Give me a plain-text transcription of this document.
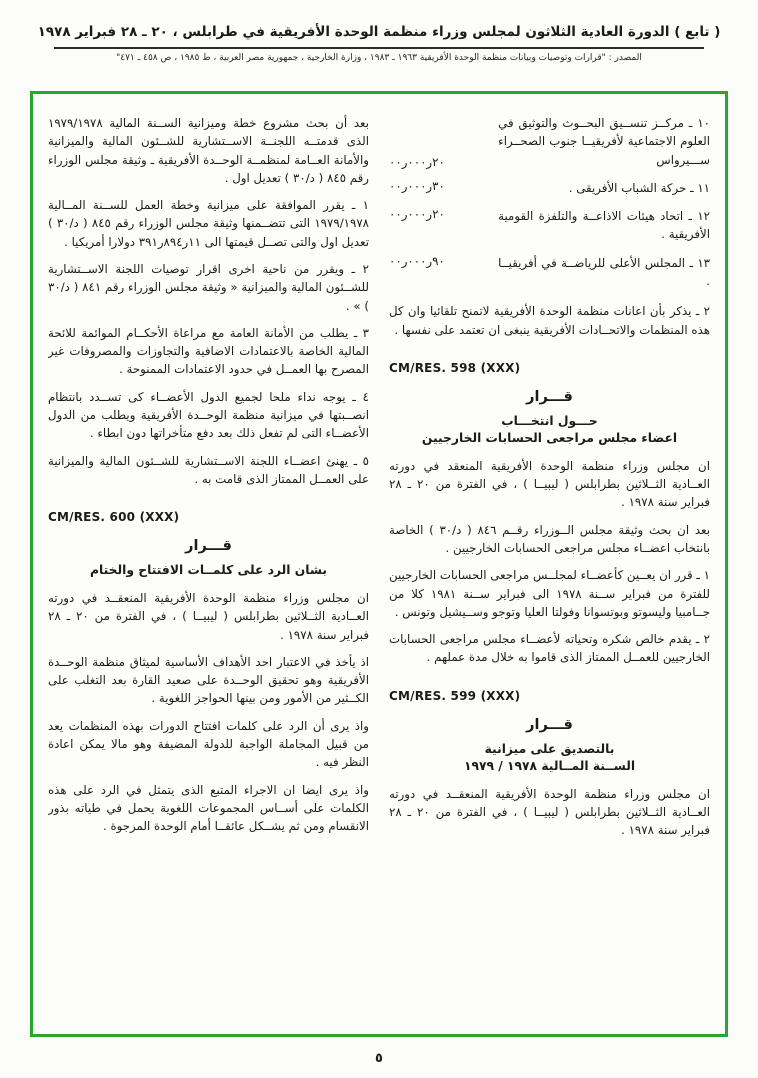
( تابع ) الدورة العادية الثلاثون لمجلس وزراء منظمة الوحدة الأفريقية في طرابلس ، ٢٠ ـ ٢٨ فبراير ١٩٧٨
المصدر : "قرارات وتوصيات وبيانات منظمة الوحدة الأفريقية ١٩٦٣ ـ ١٩٨٣ ، وزارة الخارجية ، جمهورية مصر العربية ، ط ١٩٨٥ ، ص ٤٥٨ ـ ٤٧١"
١٠ ـ مركــز تنســيق البحــوث والتوثيق في العلوم الاجتماعية لأفريقيــا جنوب الصحــراء ســـيرواس
٢٠ر٠٠٠ر٠٠
١١ ـ حركة الشباب الأفريقى .
٣٠ر٠٠٠ر٠٠
١٢ ـ اتحاد هيئات الاذاعــة والتلفزة القومية الأفريقية .
٢٠ر٠٠٠ر٠٠
١٣ ـ المجلس الأعلى للرياضــة في أفريقيــا .
٩٠ر٠٠٠ر٠٠

٢ ـ يذكر بأن اعانات منظمة الوحدة الأفريقية لاتمنح تلقائيا وان كل هذه المنظمات والاتحــادات الأفريقية ينبغى ان تعتمد على نفسها .

CM/RES. 598 (XXX)
قـــرار
حـــول انتخـــاب
اعضاء مجلس مراجعى الحسابات الخارجيين

ان مجلس وزراء منظمة الوحدة الأفريقية المنعقد في دورته العــادية الثــلاثين بطرابلس ( ليبيــا ) ، في الفترة من ٢٠ ـ ٢٨ فبراير سنة ١٩٧٨ .

بعد ان بحث وثيقة مجلس الــوزراء رقــم ٨٤٦ ( د/٣٠ ) الخاصة بانتخاب اعضــاء مجلس مراجعى الحسابات الخارجيين .

١ ـ قرر ان يعــين كأعضــاء لمجلــس مراجعى الحسابات الخارجيين للفترة من فبراير ســنة ١٩٧٨ الى فبراير ســنة ١٩٨١ كلا من جــامبيا وليسوتو وبوتسوانا وفولتا العليا وتوجو وســيشيل وتونس .

٢ ـ يقدم خالص شكره وتحياته لأعضــاء مجلس مراجعى الحسابات الخارجيين للعمــل الممتاز الذى قاموا به خلال مدة عملهم .

CM/RES. 599 (XXX)
قـــرار
بالتصديق على ميزانية
الســنة المــالية ١٩٧٨ / ١٩٧٩

ان مجلس وزراء منظمة الوحدة الأفريقية المنعقــد في دورته العــادية الثــلاثين بطرابلس ( ليبيــا ) ، في الفترة من ٢٠ ـ ٢٨ فبراير سنة ١٩٧٨ .

بعد أن بحث مشروع خطة وميزانية الســنة المالية ١٩٧٩/١٩٧٨ الذى قدمتــه اللجنــة الاســتشارية للشــئون المالية والميزانية والأمانة العــامة لمنظمــة الوحــدة الأفريقية ـ وثيقة مجلس الوزراء رقم ٨٤٥ ( د/٣٠ ) تعديل اول .

١ ـ يقرر الموافقة على ميزانية وخطة العمل للســنة المــالية ١٩٧٩/١٩٧٨ التى تتضــمنها وثيقة مجلس الوزراء رقم ٨٤٥ ( د/٣٠ ) تعديل اول والتى تصــل قيمتها الى ١١ر٨٩٤ر٣٩١ دولارا أمريكيا .

٢ ـ ويقرر من ناحية اخرى اقرار توصيات اللجنة الاســتشارية للشــئون المالية والميزانية « وثيقة مجلس الوزراء رقم ٨٤١ ( د/٣٠ ) » .

٣ ـ يطلب من الأمانة العامة مع مراعاة الأحكــام الموائمة للائحة المالية الخاصة بالاعتمادات الاضافية والتجاوزات والمصروفات غير المصرح بها العمــل في حدود الاعتمادات الممنوحة .

٤ ـ يوجه نداء ملحا لجميع الدول الأعضــاء كى تســدد بانتظام انصــبتها في ميزانية منظمة الوحــدة الأفريقية ويطلب من الدول الأعضــاء التى لم تفعل ذلك بعد دفع متأخراتها دون ابطاء .

٥ ـ يهنئ اعضــاء اللجنة الاســتشارية للشــئون المالية والميزانية على العمــل الممتاز الذى قامت به .

CM/RES. 600 (XXX)
قـــرار
بشان الرد على كلمــات الافتتاح والختام

ان مجلس وزراء منظمة الوحدة الأفريقية المنعقــد في دورته العــادية الثــلاثين بطرابلس ( ليبيــا ) ، في الفترة من ٢٠ ـ ٢٨ فبراير سنة ١٩٧٨ .

اذ يأخذ في الاعتبار احد الأهداف الأساسية لميثاق منظمة الوحــدة الأفريقية وهو تحقيق الوحــدة على صعيد القارة بعد التغلب على الكــثير من الأمور ومن بينها الحواجز اللغوية .

واذ يرى أن الرد على كلمات افتتاح الدورات بهذه المنظمات يعد من قبيل المجاملة الواجبة للدولة المضيفة وهو مالا يمكن اعادة النظر فيه .

واذ يرى ايضا ان الاجراء المتبع الذى يتمثل في الرد على هذه الكلمات على أســاس المجموعات اللغوية يحمل في طياته بذور الانقسام ومن ثم يشــكل عائقــا أمام الوحدة المرجوة .

٥
